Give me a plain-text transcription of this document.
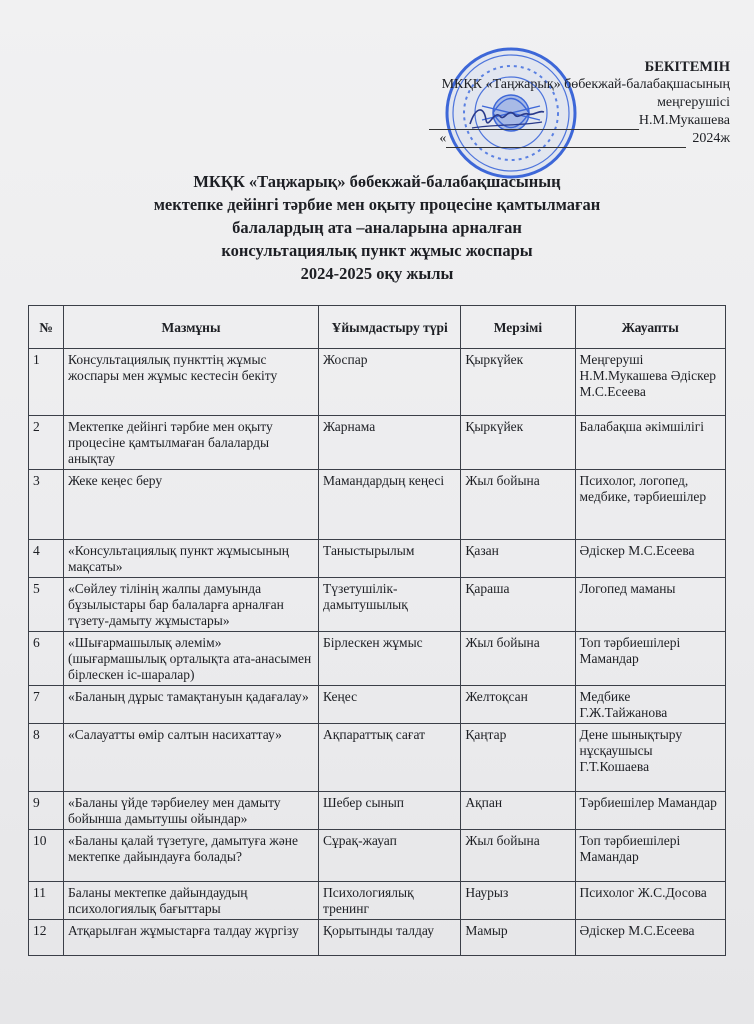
БЕКІТЕМІН
МКҚК «Таңжарық» бөбекжай-балабақшасының
меңгерушісі
Н.М.Мукашева
«	2024ж
МКҚК «Таңжарық» бөбекжай-балабақшасының
мектепке дейінгі тәрбие мен оқыту процесіне қамтылмаған
балалардың ата –аналарына арналған
консультациялық пункт жұмыс жоспары
2024-2025 оқу жылы
№	Мазмұны	Ұйымдастыру түрі	Мерзімі	Жауапты
1	Консультациялық пункттің жұмыс жоспары мен жұмыс кестесін бекіту	Жоспар	Қыркүйек	Меңгеруші Н.М.Мукашева Әдіскер М.С.Есеева
2	Мектепке дейінгі тәрбие мен оқыту процесіне қамтылмаған балаларды анықтау	Жарнама	Қыркүйек	Балабақша әкімшілігі
3	Жеке кеңес беру	Мамандардың кеңесі	Жыл бойына	Психолог, логопед, медбике, тәрбиешілер
4	«Консультациялық пункт жұмысының мақсаты»	Таныстырылым	Қазан	Әдіскер М.С.Есеева
5	«Сөйлеу тілінің жалпы дамуында бұзылыстары бар балаларға арналған түзету-дамыту жұмыстары»	Түзетушілік-дамытушылық	Қараша	Логопед маманы
6	«Шығармашылық әлемім» (шығармашылық орталықта ата-анасымен бірлескен іс-шаралар)	Бірлескен жұмыс	Жыл бойына	Топ тәрбиешілері Мамандар
7	«Баланың дұрыс тамақтануын қадағалау»	Кеңес	Желтоқсан	Медбике Г.Ж.Тайжанова
8	«Салауатты өмір салтын насихаттау»	Ақпараттық сағат	Қаңтар	Дене шынықтыру нұсқаушысы Г.Т.Кошаева
9	«Баланы үйде тәрбиелеу мен дамыту бойынша дамытушы ойындар»	Шебер сынып	Ақпан	Тәрбиешілер Мамандар
10	«Баланы қалай түзетуге, дамытуға және мектепке дайындауға болады?	Сұрақ-жауап	Жыл бойына	Топ тәрбиешілері Мамандар
11	Баланы мектепке дайындаудың психологиялық бағыттары	Психологиялық тренинг	Наурыз	Психолог Ж.С.Досова
12	Атқарылған жұмыстарға талдау жүргізу	Қорытынды талдау	Мамыр	Әдіскер М.С.Есеева
